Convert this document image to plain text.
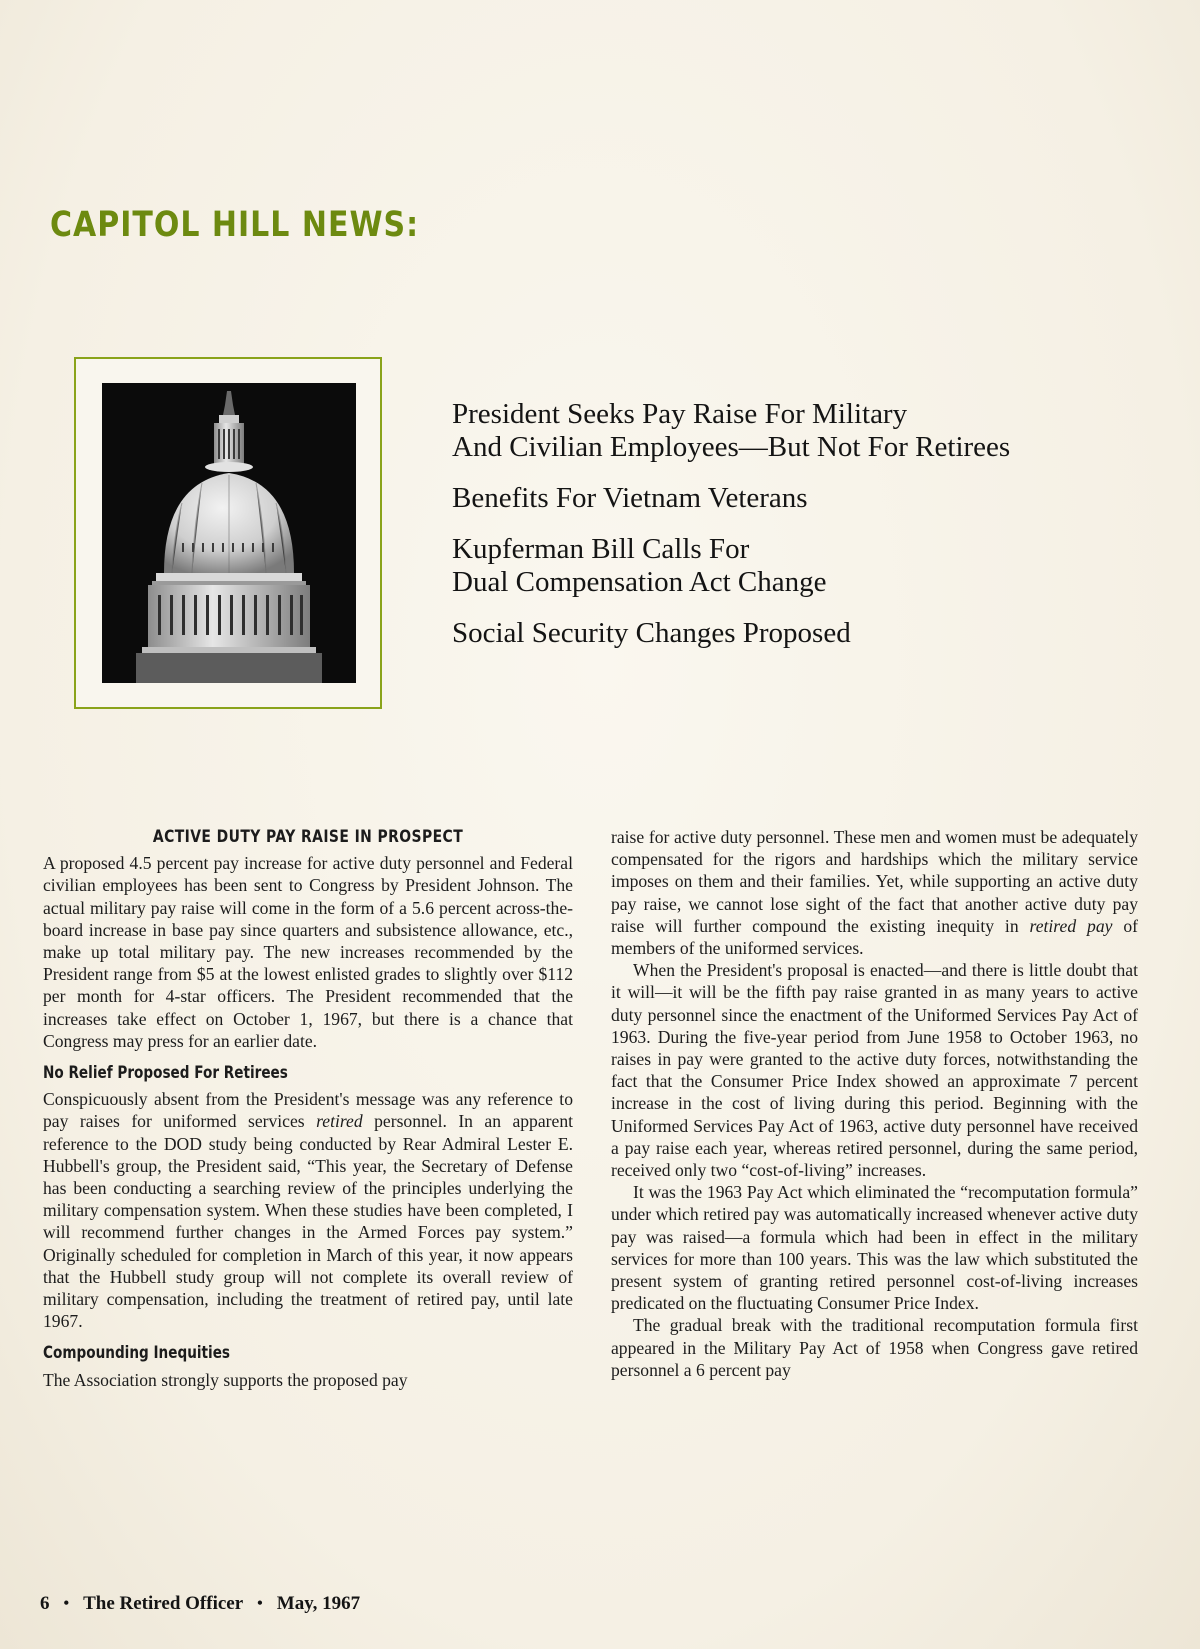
CAPITOL HILL NEWS:
President Seeks Pay Raise For Military
And Civilian Employees—But Not For Retirees
Benefits For Vietnam Veterans
Kupferman Bill Calls For
Dual Compensation Act Change
Social Security Changes Proposed
ACTIVE DUTY PAY RAISE IN PROSPECT

A proposed 4.5 percent pay increase for active duty personnel and Federal civilian employees has been sent to Congress by President Johnson. The actual military pay raise will come in the form of a 5.6 percent across-the-board increase in base pay since quarters and subsistence allowance, etc., make up total military pay. The new increases recommended by the President range from $5 at the lowest enlisted grades to slightly over $112 per month for 4-star officers. The President recommended that the increases take effect on October 1, 1967, but there is a chance that Congress may press for an earlier date.

No Relief Proposed For Retirees

Conspicuously absent from the President's message was any reference to pay raises for uniformed services retired personnel. In an apparent reference to the DOD study being conducted by Rear Admiral Lester E. Hubbell's group, the President said, “This year, the Secretary of Defense has been conducting a searching review of the principles underlying the military compensation system. When these studies have been completed, I will recommend further changes in the Armed Forces pay system.” Originally scheduled for completion in March of this year, it now appears that the Hubbell study group will not complete its overall review of military compensation, including the treatment of retired pay, until late 1967.

Compounding Inequities

The Association strongly supports the proposed pay

raise for active duty personnel. These men and women must be adequately compensated for the rigors and hardships which the military service imposes on them and their families. Yet, while supporting an active duty pay raise, we cannot lose sight of the fact that another active duty pay raise will further compound the existing inequity in retired pay of members of the uniformed services.

When the President's proposal is enacted—and there is little doubt that it will—it will be the fifth pay raise granted in as many years to active duty personnel since the enactment of the Uniformed Services Pay Act of 1963. During the five-year period from June 1958 to October 1963, no raises in pay were granted to the active duty forces, notwithstanding the fact that the Consumer Price Index showed an approximate 7 percent increase in the cost of living during this period. Beginning with the Uniformed Services Pay Act of 1963, active duty personnel have received a pay raise each year, whereas retired personnel, during the same period, received only two “cost-of-living” increases.

It was the 1963 Pay Act which eliminated the “recomputation formula” under which retired pay was automatically increased whenever active duty pay was raised—a formula which had been in effect in the military services for more than 100 years. This was the law which substituted the present system of granting retired personnel cost-of-living increases predicated on the fluctuating Consumer Price Index.

The gradual break with the traditional recomputation formula first appeared in the Military Pay Act of 1958 when Congress gave retired personnel a 6 percent pay

6 • The Retired Officer • May, 1967
